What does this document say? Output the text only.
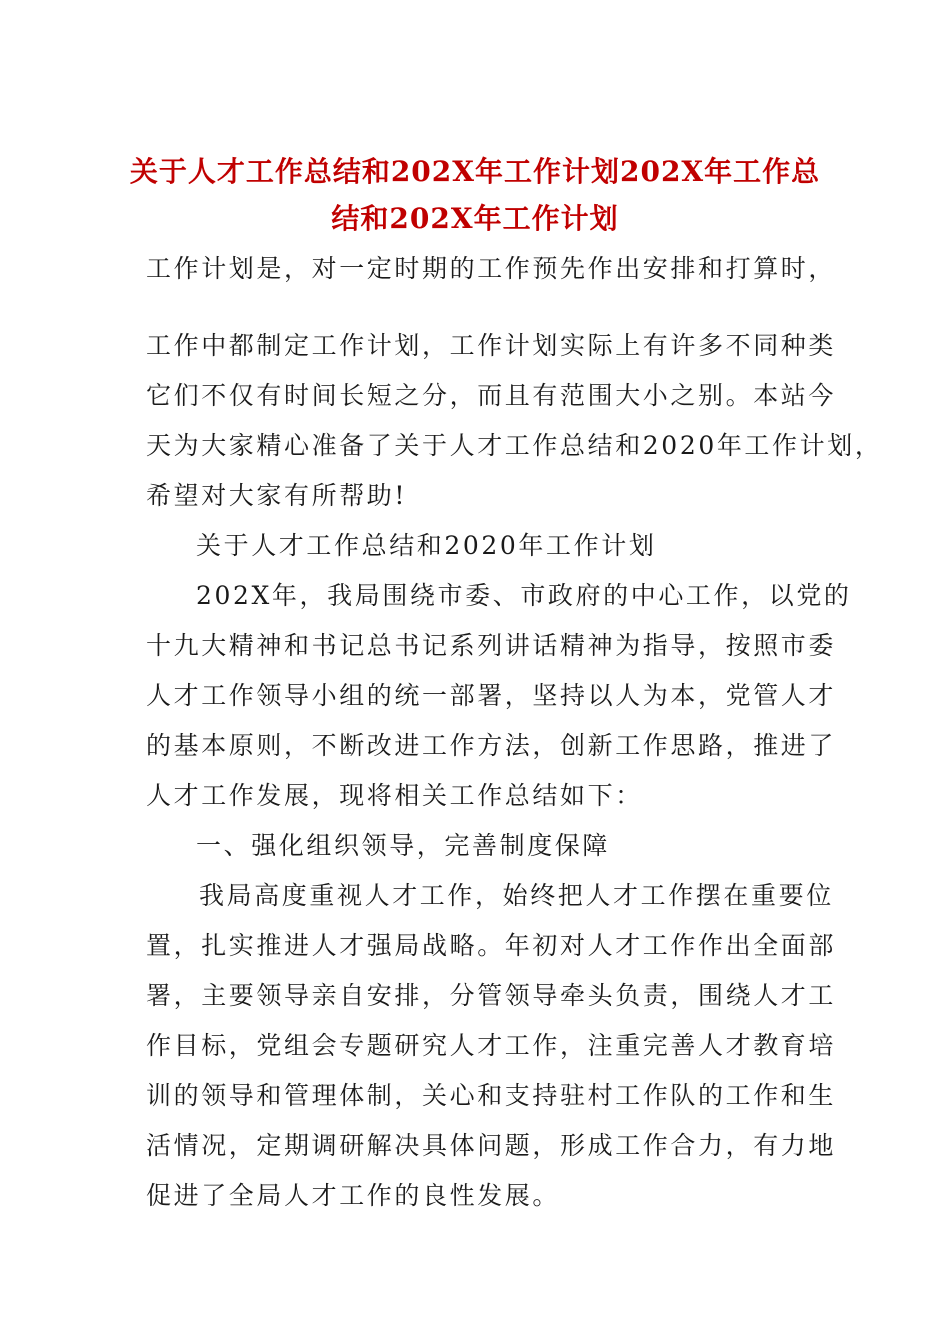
关于人才工作总结和202X年工作计划202X年工作总
结和202X年工作计划
工作计划是，对一定时期的工作预先作出安排和打算时，
工作中都制定工作计划，工作计划实际上有许多不同种类
它们不仅有时间长短之分，而且有范围大小之别。本站今
天为大家精心准备了关于人才工作总结和2020年工作计划，
希望对大家有所帮助!
关于人才工作总结和2020年工作计划
202X年，我局围绕市委、市政府的中心工作，以党的
十九大精神和书记总书记系列讲话精神为指导，按照市委
人才工作领导小组的统一部署，坚持以人为本，党管人才
的基本原则，不断改进工作方法，创新工作思路，推进了
人才工作发展，现将相关工作总结如下：
一、强化组织领导，完善制度保障
我局高度重视人才工作，始终把人才工作摆在重要位
置，扎实推进人才强局战略。年初对人才工作作出全面部
署，主要领导亲自安排，分管领导牵头负责，围绕人才工
作目标，党组会专题研究人才工作，注重完善人才教育培
训的领导和管理体制，关心和支持驻村工作队的工作和生
活情况，定期调研解决具体问题，形成工作合力，有力地
促进了全局人才工作的良性发展。
